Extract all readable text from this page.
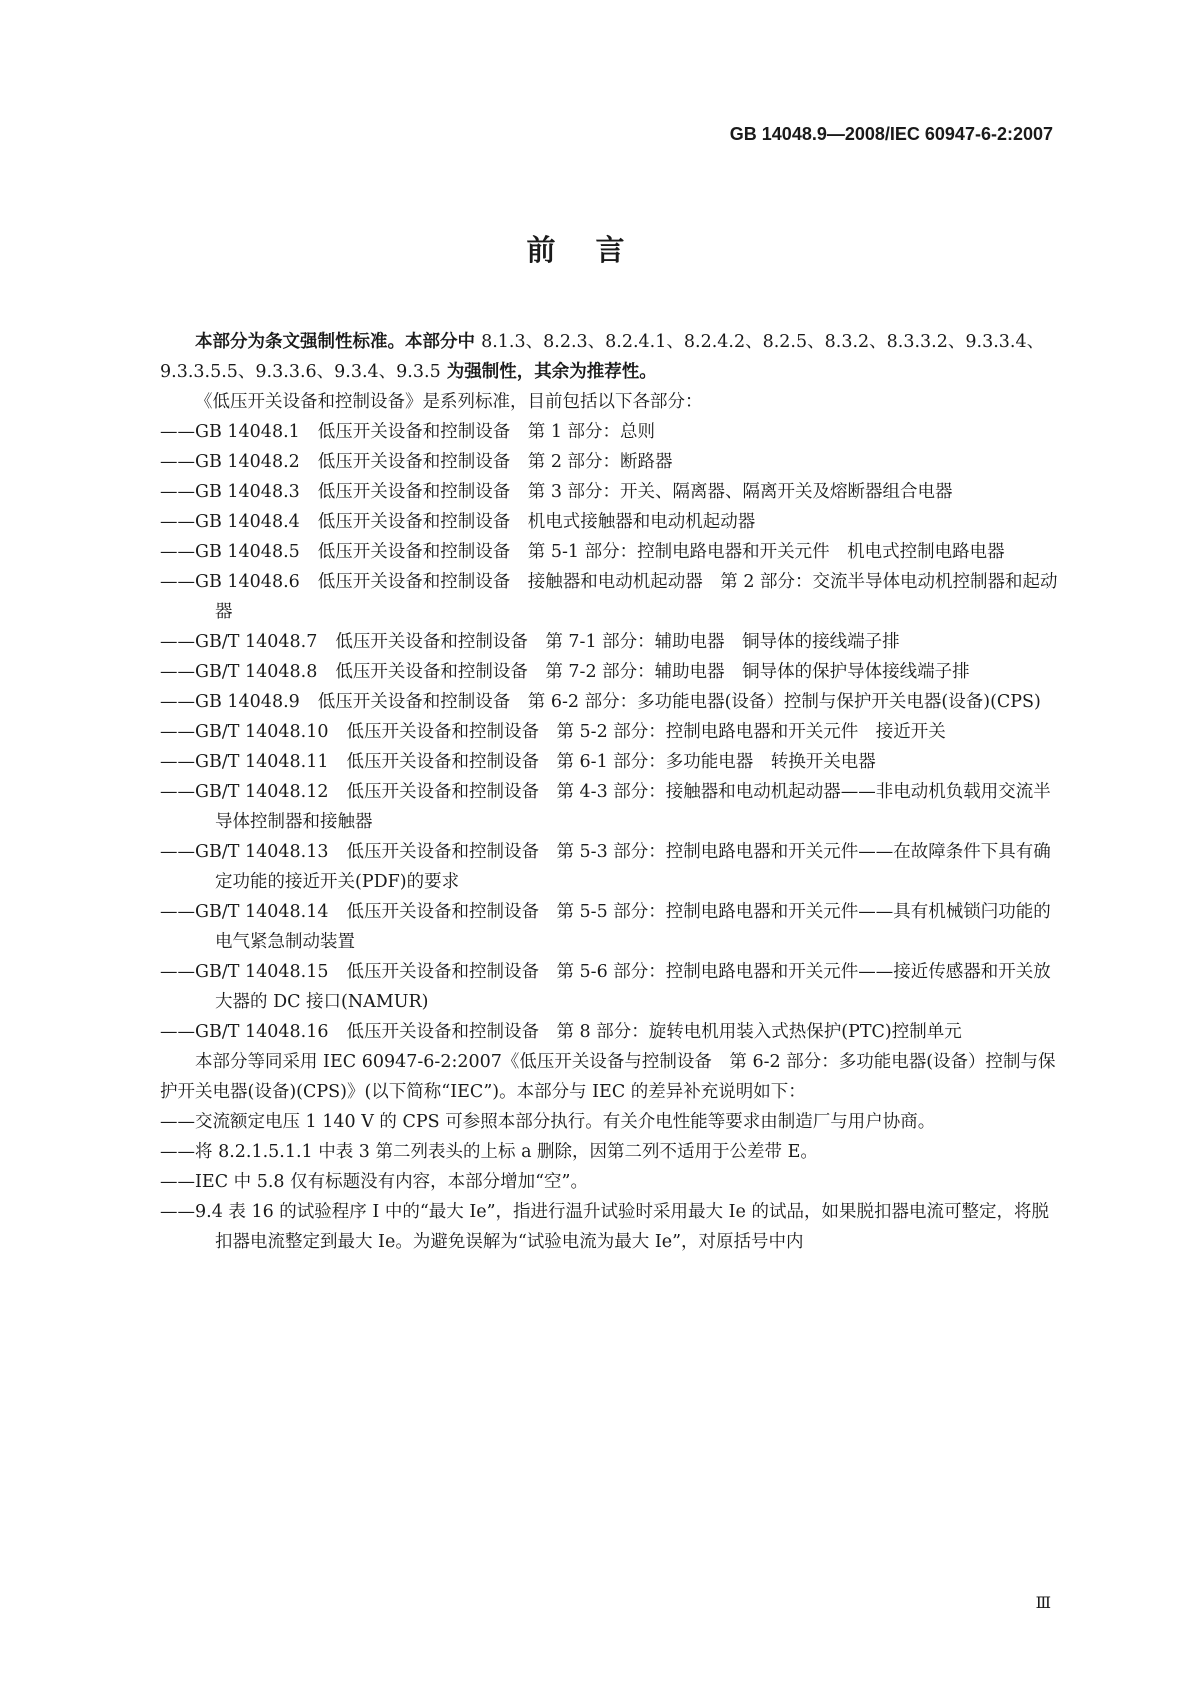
GB 14048.9—2008/IEC 60947-6-2:2007
前言

本部分为条文强制性标准。本部分中 8.1.3、8.2.3、8.2.4.1、8.2.4.2、8.2.5、8.3.2、8.3.3.2、9.3.3.4、9.3.3.5.5、9.3.3.6、9.3.4、9.3.5 为强制性，其余为推荐性。

《低压开关设备和控制设备》是系列标准，目前包括以下各部分：

——GB 14048.1 低压开关设备和控制设备　第 1 部分：总则

——GB 14048.2 低压开关设备和控制设备　第 2 部分：断路器

——GB 14048.3 低压开关设备和控制设备　第 3 部分：开关、隔离器、隔离开关及熔断器组合电器

——GB 14048.4 低压开关设备和控制设备　机电式接触器和电动机起动器

——GB 14048.5 低压开关设备和控制设备　第 5-1 部分：控制电路电器和开关元件　机电式控制电路电器

——GB 14048.6 低压开关设备和控制设备　接触器和电动机起动器　第 2 部分：交流半导体电动机控制器和起动器

——GB/T 14048.7 低压开关设备和控制设备　第 7-1 部分：辅助电器　铜导体的接线端子排

——GB/T 14048.8 低压开关设备和控制设备　第 7-2 部分：辅助电器　铜导体的保护导体接线端子排

——GB 14048.9 低压开关设备和控制设备　第 6-2 部分：多功能电器(设备）控制与保护开关电器(设备)(CPS)

——GB/T 14048.10 低压开关设备和控制设备　第 5-2 部分：控制电路电器和开关元件　接近开关

——GB/T 14048.11 低压开关设备和控制设备　第 6-1 部分：多功能电器　转换开关电器

——GB/T 14048.12 低压开关设备和控制设备　第 4-3 部分：接触器和电动机起动器——非电动机负载用交流半导体控制器和接触器

——GB/T 14048.13 低压开关设备和控制设备　第 5-3 部分：控制电路电器和开关元件——在故障条件下具有确定功能的接近开关(PDF)的要求

——GB/T 14048.14 低压开关设备和控制设备　第 5-5 部分：控制电路电器和开关元件——具有机械锁闩功能的电气紧急制动装置

——GB/T 14048.15 低压开关设备和控制设备　第 5-6 部分：控制电路电器和开关元件——接近传感器和开关放大器的 DC 接口(NAMUR)

——GB/T 14048.16 低压开关设备和控制设备　第 8 部分：旋转电机用装入式热保护(PTC)控制单元

本部分等同采用 IEC 60947-6-2:2007《低压开关设备与控制设备　第 6-2 部分：多功能电器(设备）控制与保护开关电器(设备)(CPS)》(以下简称“IEC”)。本部分与 IEC 的差异补充说明如下：

——交流额定电压 1 140 V 的 CPS 可参照本部分执行。有关介电性能等要求由制造厂与用户协商。

——将 8.2.1.5.1.1 中表 3 第二列表头的上标 a 删除，因第二列不适用于公差带 E。

——IEC 中 5.8 仅有标题没有内容，本部分增加“空”。

——9.4 表 16 的试验程序 I 中的“最大 Ie”，指进行温升试验时采用最大 Ie 的试品，如果脱扣器电流可整定，将脱扣器电流整定到最大 Ie。为避免误解为“试验电流为最大 Ie”，对原括号中内

Ⅲ
